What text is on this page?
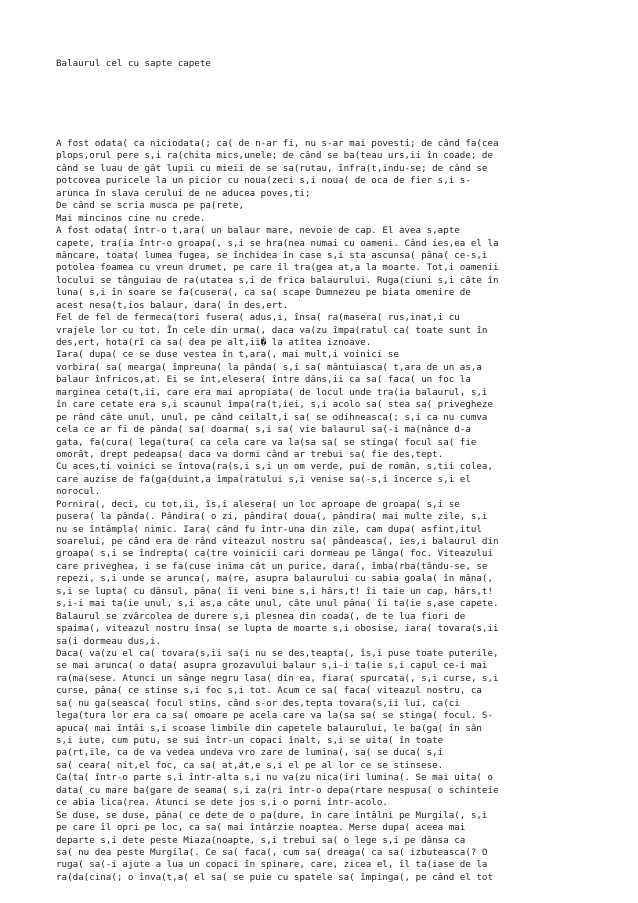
Balaurul cel cu sapte capete
A fost odata( ca niciodata(; ca( de n-ar fi, nu s-ar mai povesti; de când fa(cea
plops,orul pere s,i ra(chita mics,unele; de când se ba(teau urs,ii în coade; de
când se luau de gât lupii cu mieii de se sa(rutau, înfra(t,indu-se; de când se
potcovea puricele la un picior cu noua(zeci s,i noua( de oca de fier s,i s-
arunca în slava cerului de ne aducea poves,ti;
De când se scria musca pe pa(rete,
Mai mincinos cine nu crede.
A fost odata( într-o t,ara( un balaur mare, nevoie de cap. El avea s,apte
capete, tra(ia într-o groapa(, s,i se hra(nea numai cu oameni. Când ies,ea el la
mâncare, toata( lumea fugea, se închidea în case s,i sta ascunsa( pâna( ce-s,i
potolea foamea cu vreun drumet, pe care îl tra(gea at,a la moarte. Tot,i oamenii
locului se tânguiau de ra(utatea s,i de frica balaurului. Ruga(ciuni s,i câte în
luna( s,i în soare se fa(cusera(, ca sa( scape Dumnezeu pe biata omenire de
acest nesa(t,ios balaur, dara( în des,ert.
Fel de fel de fermeca(tori fusera( adus,i, însa( ra(masera( rus,inat,i cu
vrajele lor cu tot. În cele din urma(, daca va(zu împa(ratul ca( toate sunt în
des,ert, hota(rî ca sa( dea pe alt,ii� la atîtea iznoave.
Iara( dupa( ce se duse vestea în t,ara(, mai mult,i voinici se
vorbira( sa( mearga( împreuna( la pânda( s,i sa( mântuiasca( t,ara de un as,a
balaur înfricos,at. Ei se înt,elesera( între dâns,ii ca sa( faca( un foc la
marginea cetа(t,ii, care era mai apropiata( de locul unde tra(ia balaurul, s,i
în care cetate era s,i scaunul împa(ra(t,iei, s,i acolo sa( stea sa( privegheze
pe rând câte unul, unul, pe când ceilalt,i sa( se odihneasca(; s,i ca nu cumva
cela ce ar fi de pânda( sa( doarma( s,i sa( vie balaurul sa(-i ma(nânce d-a
gata, fa(cura( lega(tura( ca cela care va la(sa sa( se stinga( focul sa( fie
omorât, drept pedeapsa( daca va dormi când ar trebui sa( fie des,tept.
Cu aces,ti voinici se întova(ra(s,i s,i un om verde, pui de român, s,tii colea,
care auzise de fa(ga(duint,a împa(ratului s,i venise sa(-s,i încerce s,i el
norocul.
Pornira(, deci, cu tot,ii, îs,i alesera( un loc aproape de groapa( s,i se
pusera( la pânda(. Pândira( o zi, pândira( doua(, pândira( mai multe zile, s,i
nu se întâmpla( nimic. Iara( când fu într-una din zile, cam dupa( asfint,itul
soarelui, pe când era de rând viteazul nostru sa( pândeasca(, ies,i balaurul din
groapa( s,i se îndrepta( ca(tre voinicii cari dormeau pe lânga( foc. Viteazului
care priveghea, i se fa(cuse inima cât un purice, dara(, îmba(rba(tându-se, se
repezi, s,i unde se arunca(, ma(re, asupra balaurului cu sabia goala( în mâna(,
s,i se lupta( cu dânsul, pâna( îi veni bine s,i hârs,t! îi taie un cap, hârs,t!
s,i-i mai ta(ie unul, s,i as,a câte unul, câte unul pâna( îi ta(ie s,ase capete.
Balaurul se zvârcolea de durere s,i plesnea din coada(, de te lua fiori de
spaima(, viteazul nostru însa( se lupta de moarte s,i obosise, iara( tovara(s,ii
sa(i dormeau dus,i.
Daca( va(zu el ca( tovara(s,ii sa(i nu se des,teapta(, îs,i puse toate puterile,
se mai arunca( o data( asupra grozavului balaur s,i-i ta(ie s,i capul ce-i mai
ra(ma(sese. Atunci un sânge negru lasa( din ea, fiara( spurcata(, s,i curse, s,i
curse, pâna( ce stinse s,i foc s,i tot. Acum ce sa( faca( viteazul nostru, ca
sa( nu ga(seasca( focul stins, când s-or des,tepta tovara(s,ii lui, ca(ci
lega(tura lor era ca sa( omoare pe acela care va la(sa sa( se stinga( focul. S-
apuca( mai întâi s,i scoase limbile din capetele balaurului, le ba(ga( în sân
s,i iute, cum putu, se sui într-un copaci înalt, s,i se uita( în toate
pa(rt,ile, ca de va vedea undeva vro zare de lumina(, sa( se duca( s,i
sa( ceara( nit,el foc, ca sa( at,át,e s,i el pe al lor ce se stinsese.
Ca(ta( într-o parte s,i într-alta s,i nu va(zu nica(iri lumina(. Se mai uita( o
data( cu mare ba(gare de seama( s,i za(ri într-o depa(rtare nespusa( o schinteie
ce abia lica(rea. Atunci se dete jos s,i o porni într-acolo.
Se duse, se duse, pâna( ce dete de o pa(dure, în care întâlni pe Murgila(, s,i
pe care îl opri pe loc, ca sa( mai întârzie noaptea. Merse dupa( aceea mai
departe s,i dete peste Miaza(noapte, s,i trebui sa( o lege s,i pe dânsa ca
sa( nu dea peste Murgila(. Ce sa( faca(, cum sa( dreaga( ca sa( izbuteasca(? O
ruga( sa(-i ajute a lua un copaci în spinare, care, zicea el, îl ta(iase de la
ra(da(cina(; o înva(t,a( el sa( se puie cu spatele sa( împinga(, pe când el tot
